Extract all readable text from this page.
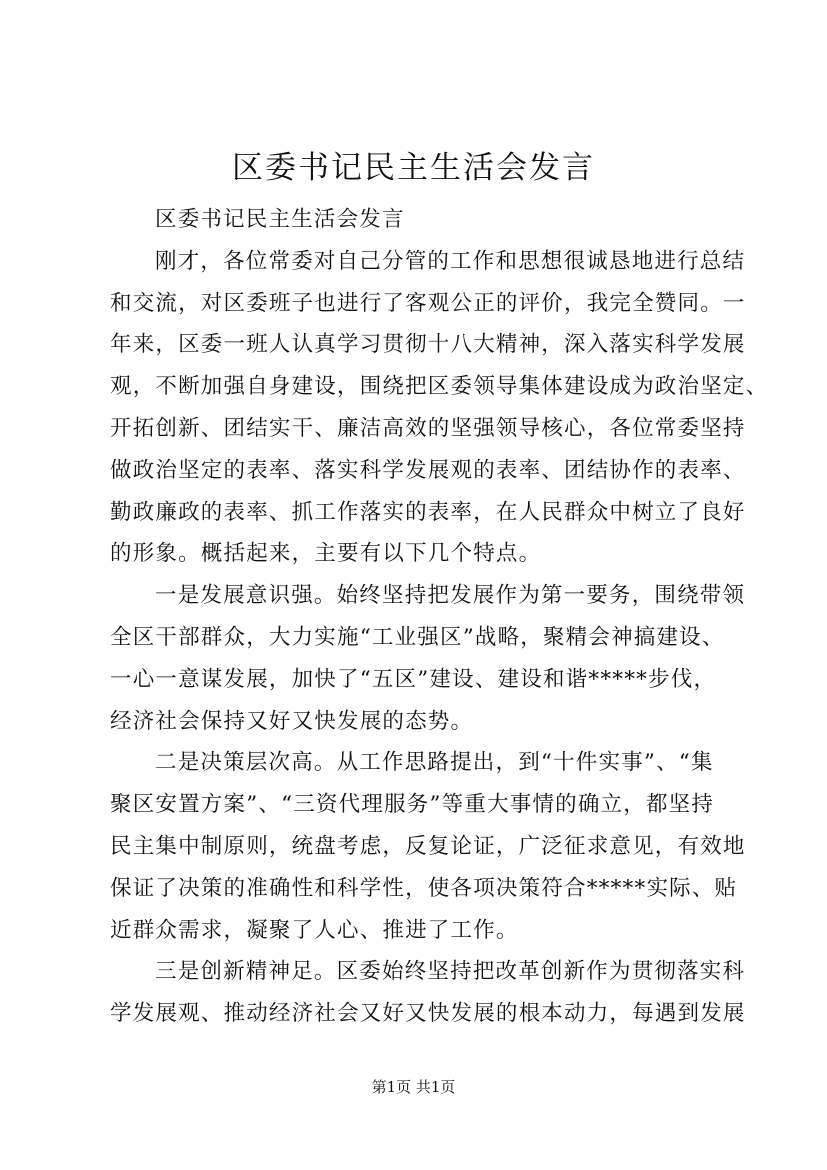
区委书记民主生活会发言
区委书记民主生活会发言
刚才，各位常委对自己分管的工作和思想很诚恳地进行总结
和交流，对区委班子也进行了客观公正的评价，我完全赞同。一
年来，区委一班人认真学习贯彻十八大精神，深入落实科学发展
观，不断加强自身建设，围绕把区委领导集体建设成为政治坚定、
开拓创新、团结实干、廉洁高效的坚强领导核心，各位常委坚持
做政治坚定的表率、落实科学发展观的表率、团结协作的表率、
勤政廉政的表率、抓工作落实的表率，在人民群众中树立了良好
的形象。概括起来，主要有以下几个特点。
一是发展意识强。始终坚持把发展作为第一要务，围绕带领
全区干部群众，大力实施“工业强区”战略，聚精会神搞建设、
一心一意谋发展，加快了“五区”建设、建设和谐*****步伐，
经济社会保持又好又快发展的态势。
二是决策层次高。从工作思路提出，到“十件实事”、“集
聚区安置方案”、“三资代理服务”等重大事情的确立，都坚持
民主集中制原则，统盘考虑，反复论证，广泛征求意见，有效地
保证了决策的准确性和科学性，使各项决策符合*****实际、贴
近群众需求，凝聚了人心、推进了工作。
三是创新精神足。区委始终坚持把改革创新作为贯彻落实科
学发展观、推动经济社会又好又快发展的根本动力，每遇到发展
第1页 共1页
